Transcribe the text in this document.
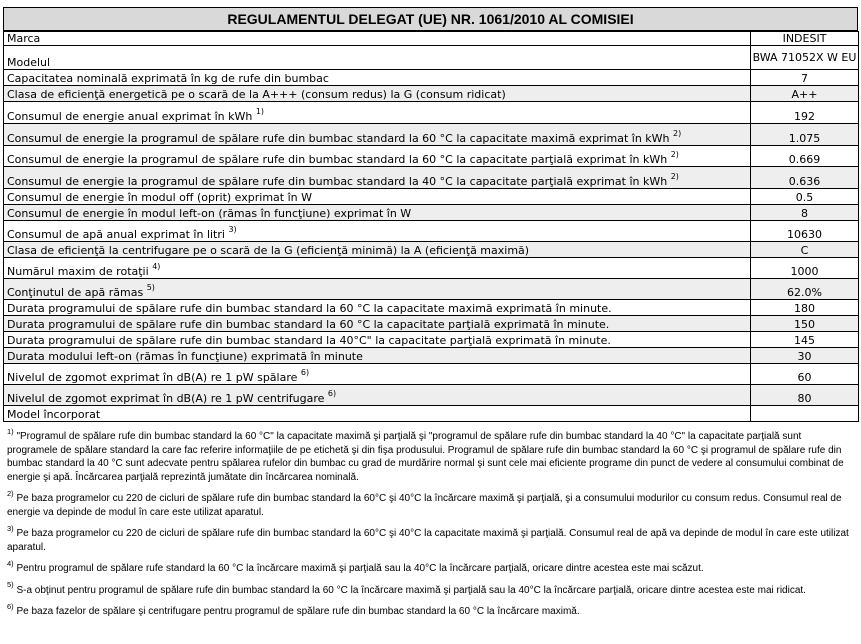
REGULAMENTUL DELEGAT (UE) NR. 1061/2010 AL COMISIEI
Marca	INDESIT
Modelul	BWA 71052X W EU
Capacitatea nominală exprimată în kg de rufe din bumbac	7
Clasa de eficienţă energetică pe o scară de la A+++ (consum redus) la G (consum ridicat)	A++
Consumul de energie anual exprimat în kWh $^{1)}$	192
Consumul de energie la programul de spălare rufe din bumbac standard la 60 °C la capacitate maximă exprimat în kWh $^{2)}$	1.075
Consumul de energie la programul de spălare rufe din bumbac standard la 60 °C la capacitate parţială exprimat în kWh $^{2)}$	0.669
Consumul de energie la programul de spălare rufe din bumbac standard la 40 °C la capacitate parţială exprimat în kWh $^{2)}$	0.636
Consumul de energie în modul off (oprit) exprimat în W	0.5
Consumul de energie în modul left-on (rămas în funcţiune) exprimat în W	8
Consumul de apă anual exprimat în litri $^{3)}$	10630
Clasa de eficienţă la centrifugare pe o scară de la G (eficienţă minimă) la A (eficienţă maximă)	C
Numărul maxim de rotaţii $^{4)}$	1000
Conţinutul de apă rămas $^{5)}$	62.0%
Durata programului de spălare rufe din bumbac standard la 60 °C la capacitate maximă exprimată în minute.	180
Durata programului de spălare rufe din bumbac standard la 60 °C la capacitate parţială exprimată în minute.	150
Durata programului de spălare rufe din bumbac standard la 40°C" la capacitate parţială exprimată în minute.	145
Durata modului left-on (rămas în funcţiune) exprimată în minute	30
Nivelul de zgomot exprimat în dB(A) re 1 pW spălare $^{6)}$	60
Nivelul de zgomot exprimat în dB(A) re 1 pW centrifugare $^{6)}$	80
Model încorporat	
$^{1)}$ "Programul de spălare rufe din bumbac standard la 60 °C" la capacitate maximă şi parţială şi "programul de spălare rufe din bumbac standard la 40 °C" la capacitate parţială sunt programele de spălare standard la care fac referire informaţiile de pe etichetă şi din fişa produsului. Programul de spălare rufe din bumbac standard la 60 °C şi programul de spălare rufe din bumbac standard la 40 °C sunt adecvate pentru spălarea rufelor din bumbac cu grad de murdărire normal şi sunt cele mai eficiente programe din punct de vedere al consumului combinat de energie şi apă. Încărcarea parţială reprezintă jumătate din încărcarea nominală.
$^{2)}$ Pe baza programelor cu 220 de cicluri de spălare rufe din bumbac standard la 60°C şi 40°C la încărcare maximă şi parţială, şi a consumului modurilor cu consum redus. Consumul real de energie va depinde de modul în care este utilizat aparatul.
$^{3)}$ Pe baza programelor cu 220 de cicluri de spălare rufe din bumbac standard la 60°C şi 40°C la capacitate maximă şi parţială. Consumul real de apă va depinde de modul în care este utilizat aparatul.
$^{4)}$ Pentru programul de spălare rufe standard la 60 °C la încărcare maximă şi parţială sau la 40°C la încărcare parţială, oricare dintre acestea este mai scăzut.
$^{5)}$ S-a obţinut pentru programul de spălare rufe din bumbac standard la 60 °C la încărcare maximă şi parţială sau la 40°C la încărcare parţială, oricare dintre acestea este mai ridicat.
$^{6)}$ Pe baza fazelor de spălare şi centrifugare pentru programul de spălare rufe din bumbac standard la 60 °C la încărcare maximă.
